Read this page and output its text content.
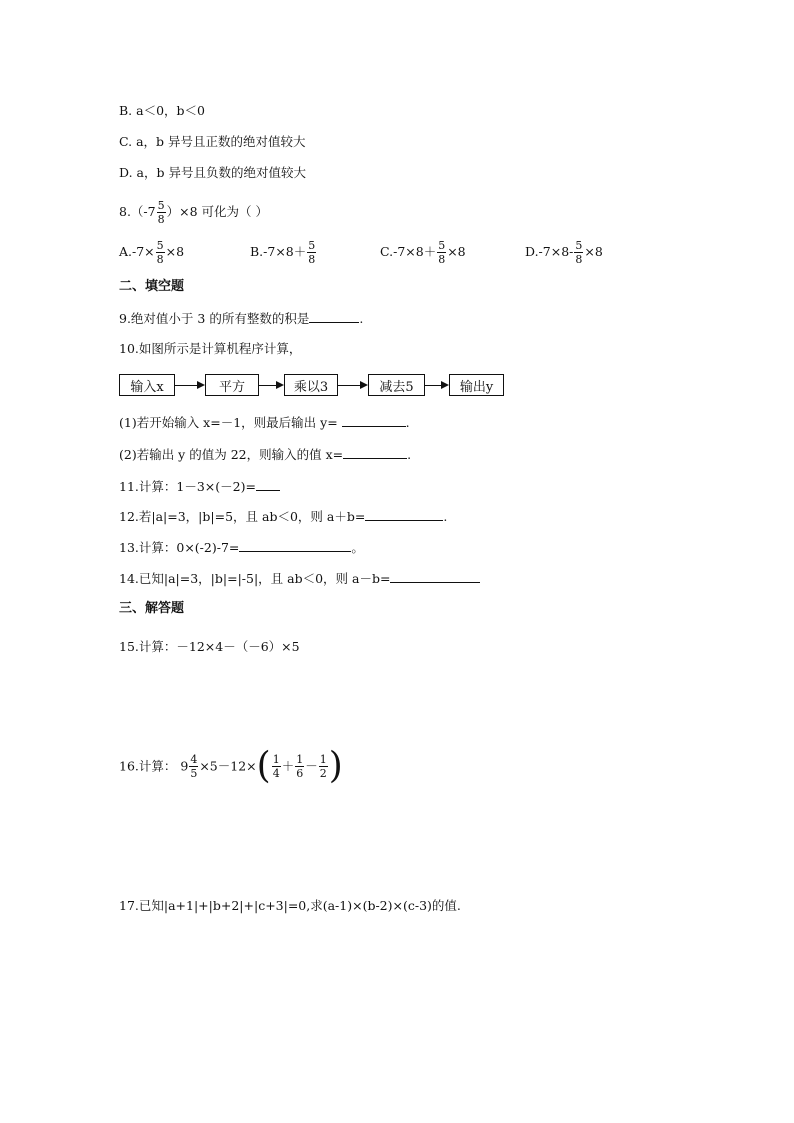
B. a＜0，b＜0
C. a，b 异号且正数的绝对值较大
D. a，b 异号且负数的绝对值较大
$8.(-7 \frac{5}{8} )\times 8$ 可化为（ ）
$A.-7\times \frac{5}{8} \times 8$	$B.-7\times 8+ \frac{5}{8}$	$C.-7\times 8+ \frac{5}{8} \times 8$	$D.-7\times 8- \frac{5}{8} \times 8$
二、填空题
9.绝对值小于 3 的所有整数的积是	.
10.如图所示是计算机程序计算，
输入x	平方	乘以3	减去5	输出y
(1)若开始输入 x=－1，则最后输出 y=	.
(2)若输出 y 的值为 22，则输入的值 x=	.
11.计算：1－3×(－2)=
12.若|a|=3，|b|=5，且 ab＜0，则 a＋b=	.
13.计算：0×(-2)-7=	。
14.已知|a|=3，|b|=|-5|，且 ab＜0，则 a－b=
三、解答题
15.计算：－12×4－（－6）×5
16.计算： $9 \frac{4}{5} \times 5-12\times( \frac{1}{4} + \frac{1}{6} - \frac{1}{2}$ )
17.已知|a+1|+|b+2|+|c+3|=0,求(a-1)×(b-2)×(c-3)的值.
